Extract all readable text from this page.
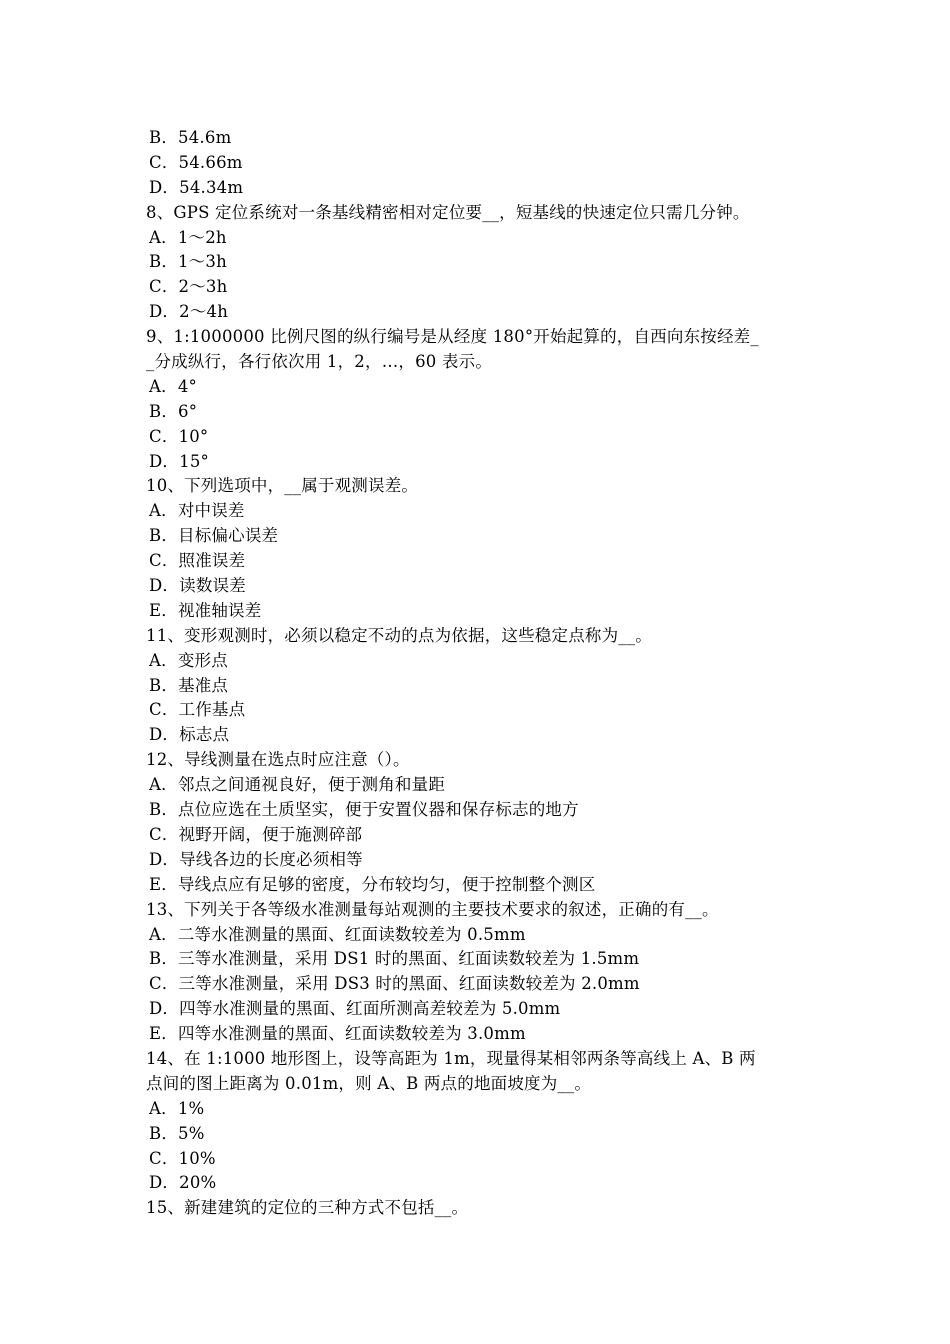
B．54.6m
C．54.66m
D．54.34m
8、GPS 定位系统对一条基线精密相对定位要__，短基线的快速定位只需几分钟。
A．1～2h
B．1～3h
C．2～3h
D．2～4h
9、1:1000000 比例尺图的纵行编号是从经度 180°开始起算的，自西向东按经差_
_分成纵行，各行依次用 1，2，…，60 表示。
A．4°
B．6°
C．10°
D．15°
10、下列选项中，__属于观测误差。
A．对中误差
B．目标偏心误差
C．照准误差
D．读数误差
E．视准轴误差
11、变形观测时，必须以稳定不动的点为依据，这些稳定点称为__。
A．变形点
B．基准点
C．工作基点
D．标志点
12、导线测量在选点时应注意（）。
A．邻点之间通视良好，便于测角和量距
B．点位应选在土质坚实，便于安置仪器和保存标志的地方
C．视野开阔，便于施测碎部
D．导线各边的长度必须相等
E．导线点应有足够的密度，分布较均匀，便于控制整个测区
13、下列关于各等级水准测量每站观测的主要技术要求的叙述，正确的有__。
A．二等水准测量的黑面、红面读数较差为 0.5mm
B．三等水准测量，采用 DS1 时的黑面、红面读数较差为 1.5mm
C．三等水准测量，采用 DS3 时的黑面、红面读数较差为 2.0mm
D．四等水准测量的黑面、红面所测高差较差为 5.0mm
E．四等水准测量的黑面、红面读数较差为 3.0mm
14、在 1:1000 地形图上，设等高距为 1m，现量得某相邻两条等高线上 A、B 两
点间的图上距离为 0.01m，则 A、B 两点的地面坡度为__。
A．1%
B．5%
C．10%
D．20%
15、新建建筑的定位的三种方式不包括__。
